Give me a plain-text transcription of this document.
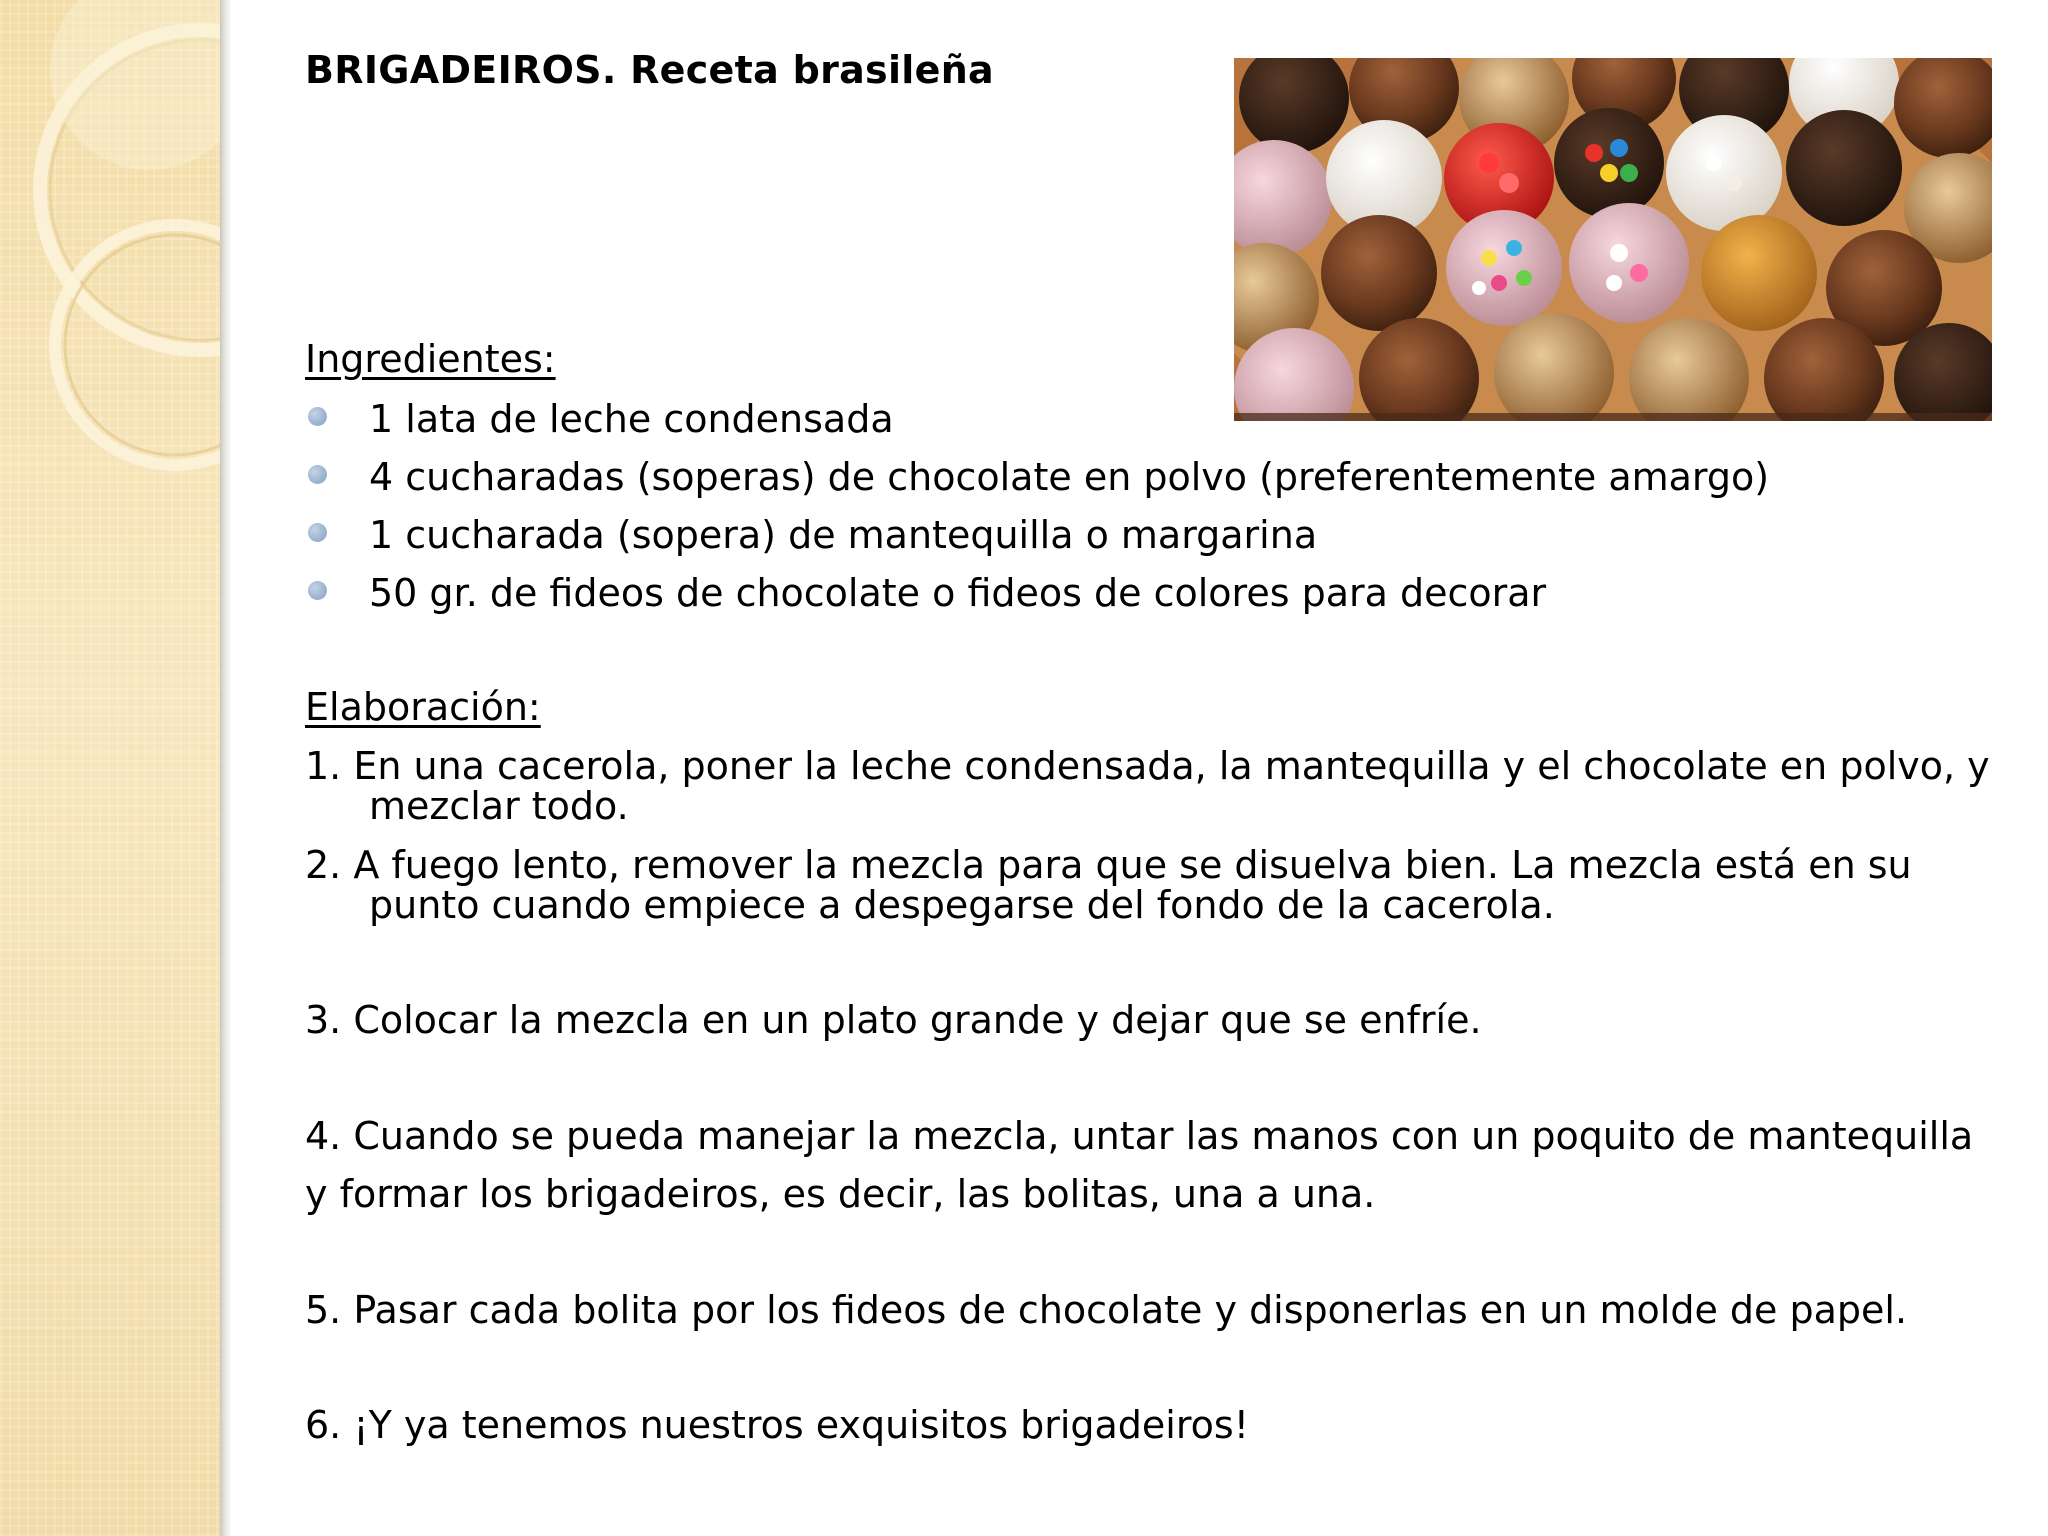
BRIGADEIROS. Receta brasileña
Ingredientes:
1 lata de leche condensada
4 cucharadas (soperas) de chocolate en polvo (preferentemente amargo)
1 cucharada (sopera) de mantequilla o margarina
50 gr. de fideos de chocolate o fideos de colores para decorar
Elaboración:
1. En una cacerola, poner la leche condensada, la mantequilla y el chocolate en polvo, y mezclar todo.
2. A fuego lento, remover la mezcla para que se disuelva bien. La mezcla está en su punto cuando empiece a despegarse del fondo de la cacerola.
3. Colocar la mezcla en un plato grande y dejar que se enfríe.
4. Cuando se pueda manejar la mezcla, untar las manos con un poquito de mantequilla
y formar los brigadeiros, es decir, las bolitas, una a una.
5. Pasar cada bolita por los fideos de chocolate y disponerlas en un molde de papel.
6. ¡Y ya tenemos nuestros exquisitos brigadeiros!
